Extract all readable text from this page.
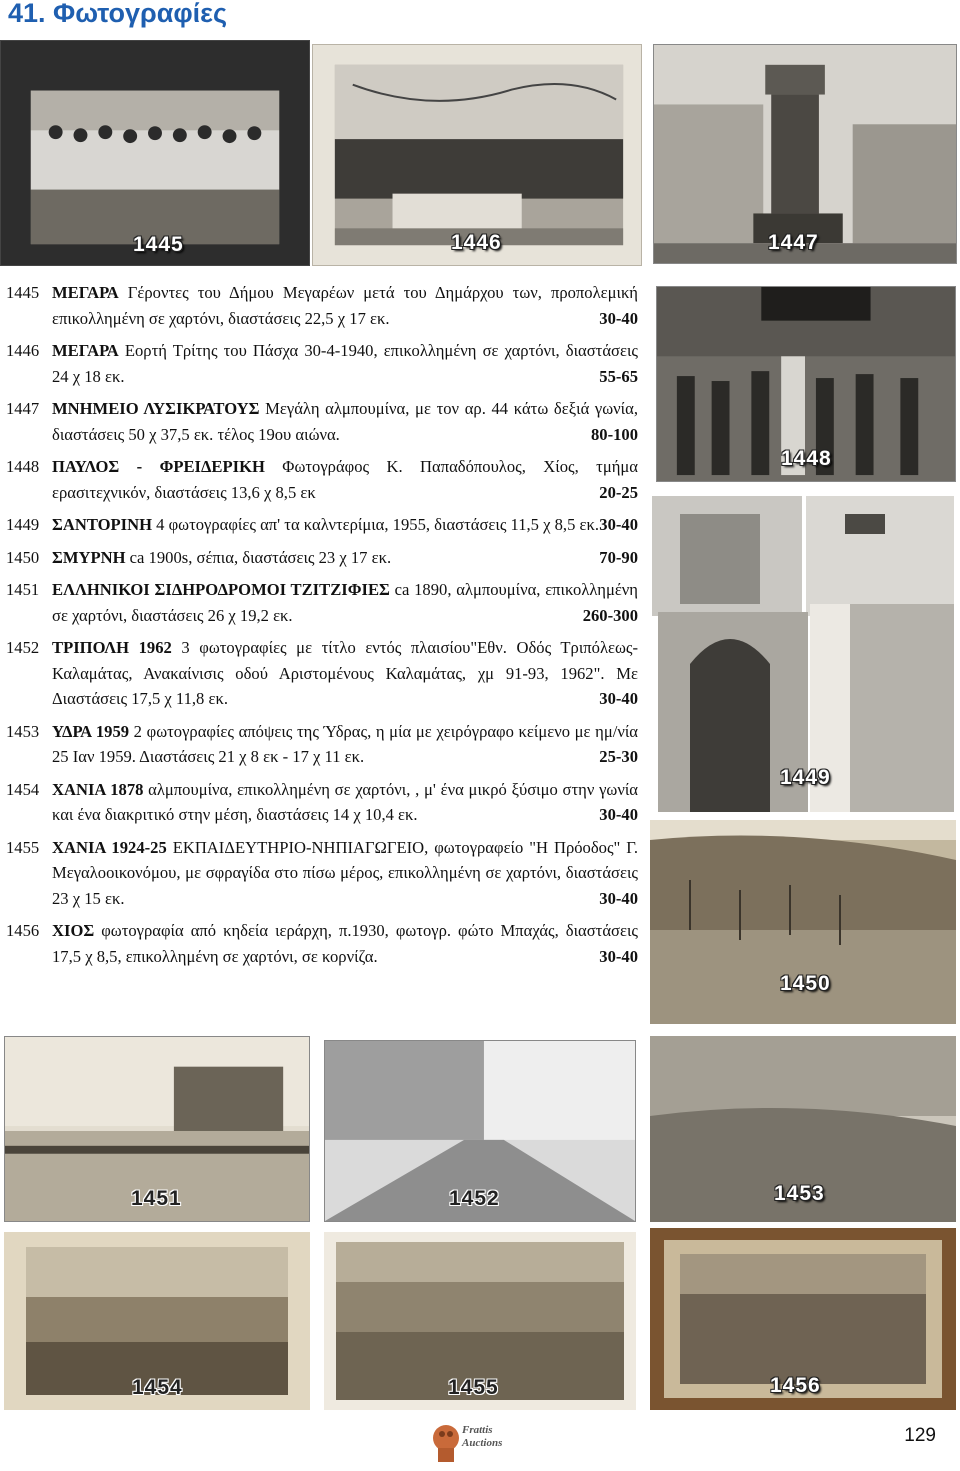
41. Φωτογραφίες
1445	1446	1447
1448
1449
1450
1451	1452	1453
1454	1455	1456
1445 ΜΕΓΑΡΑ Γέροντες του Δήμου Μεγαρέων μετά του Δημάρχου των, προπολεμική επικολλημένη σε χαρτόνι, διαστάσεις 22,5 χ 17 εκ.	30-40
1446 ΜΕΓΑΡΑ Εορτή Τρίτης του Πάσχα 30-4-1940, επικολλημένη σε χαρτόνι, διαστάσεις 24 χ 18 εκ.	55-65
1447 ΜΝΗΜΕΙΟ ΛΥΣΙΚΡΑΤΟΥΣ Μεγάλη αλμπουμίνα, με τον αρ. 44 κάτω δεξιά γωνία, διαστάσεις 50 χ 37,5 εκ. τέλος 19ου αιώνα.	80-100
1448 ΠΑΥΛΟΣ - ΦΡΕΙΔΕΡΙΚΗ Φωτογράφος Κ. Παπαδόπουλος, Χίος, τμήμα ερασιτεχνικόν, διαστάσεις 13,6 χ 8,5 εκ	20-25
1449 ΣΑΝΤΟΡΙΝΗ 4 φωτογραφίες απ' τα καλντερίμια, 1955, διαστάσεις 11,5 χ 8,5 εκ. 30-40
1450 ΣΜΥΡΝΗ ca 1900s, σέπια, διαστάσεις 23 χ 17 εκ.	70-90
1451 ΕΛΛΗΝΙΚΟΙ ΣΙΔΗΡΟΔΡΟΜΟΙ ΤΖΙΤΖΙΦΙΕΣ ca 1890, αλμπουμίνα, επικολλημένη σε χαρτόνι, διαστάσεις 26 χ 19,2 εκ.	260-300
1452 ΤΡΙΠΟΛΗ 1962 3 φωτογραφίες με τίτλο εντός πλαισίου"Εθν. Οδός Τριπόλεως-Καλαμάτας, Ανακαίνισις οδού Αριστομένους Καλαμάτας, χμ 91-93, 1962". Με Διαστάσεις 17,5 χ 11,8 εκ.	30-40
1453 ΥΔΡΑ 1959 2 φωτογραφίες απόψεις της Ύδρας, η μία με χειρόγραφο κείμενο με ημ/νία 25 Ιαν 1959. Διαστάσεις 21 χ 8 εκ - 17 χ 11 εκ.	25-30
1454 ΧΑΝΙΑ 1878 αλμπουμίνα, επικολλημένη σε χαρτόνι, , μ' ένα μικρό ξύσιμο στην γωνία και ένα διακριτικό στην μέση, διαστάσεις 14 χ 10,4 εκ.	30-40
1455 ΧΑΝΙΑ 1924-25 ΕΚΠΑΙΔΕΥΤΗΡΙΟ-ΝΗΠΙΑΓΩΓΕΙΟ, φωτογραφείο "Η Πρόοδος" Γ. Μεγαλοοικονόμου, με σφραγίδα στο πίσω μέρος, επικολλημένη σε χαρτόνι, διαστάσεις 23 χ 15 εκ.	30-40
1456 ΧΙΟΣ φωτογραφία από κηδεία ιεράρχη, π.1930, φωτογρ. φώτο Μπαχάς, διαστάσεις 17,5 χ 8,5, επικολλημένη σε χαρτόνι, σε κορνίζα.	30-40
Frattis
Auctions	129
